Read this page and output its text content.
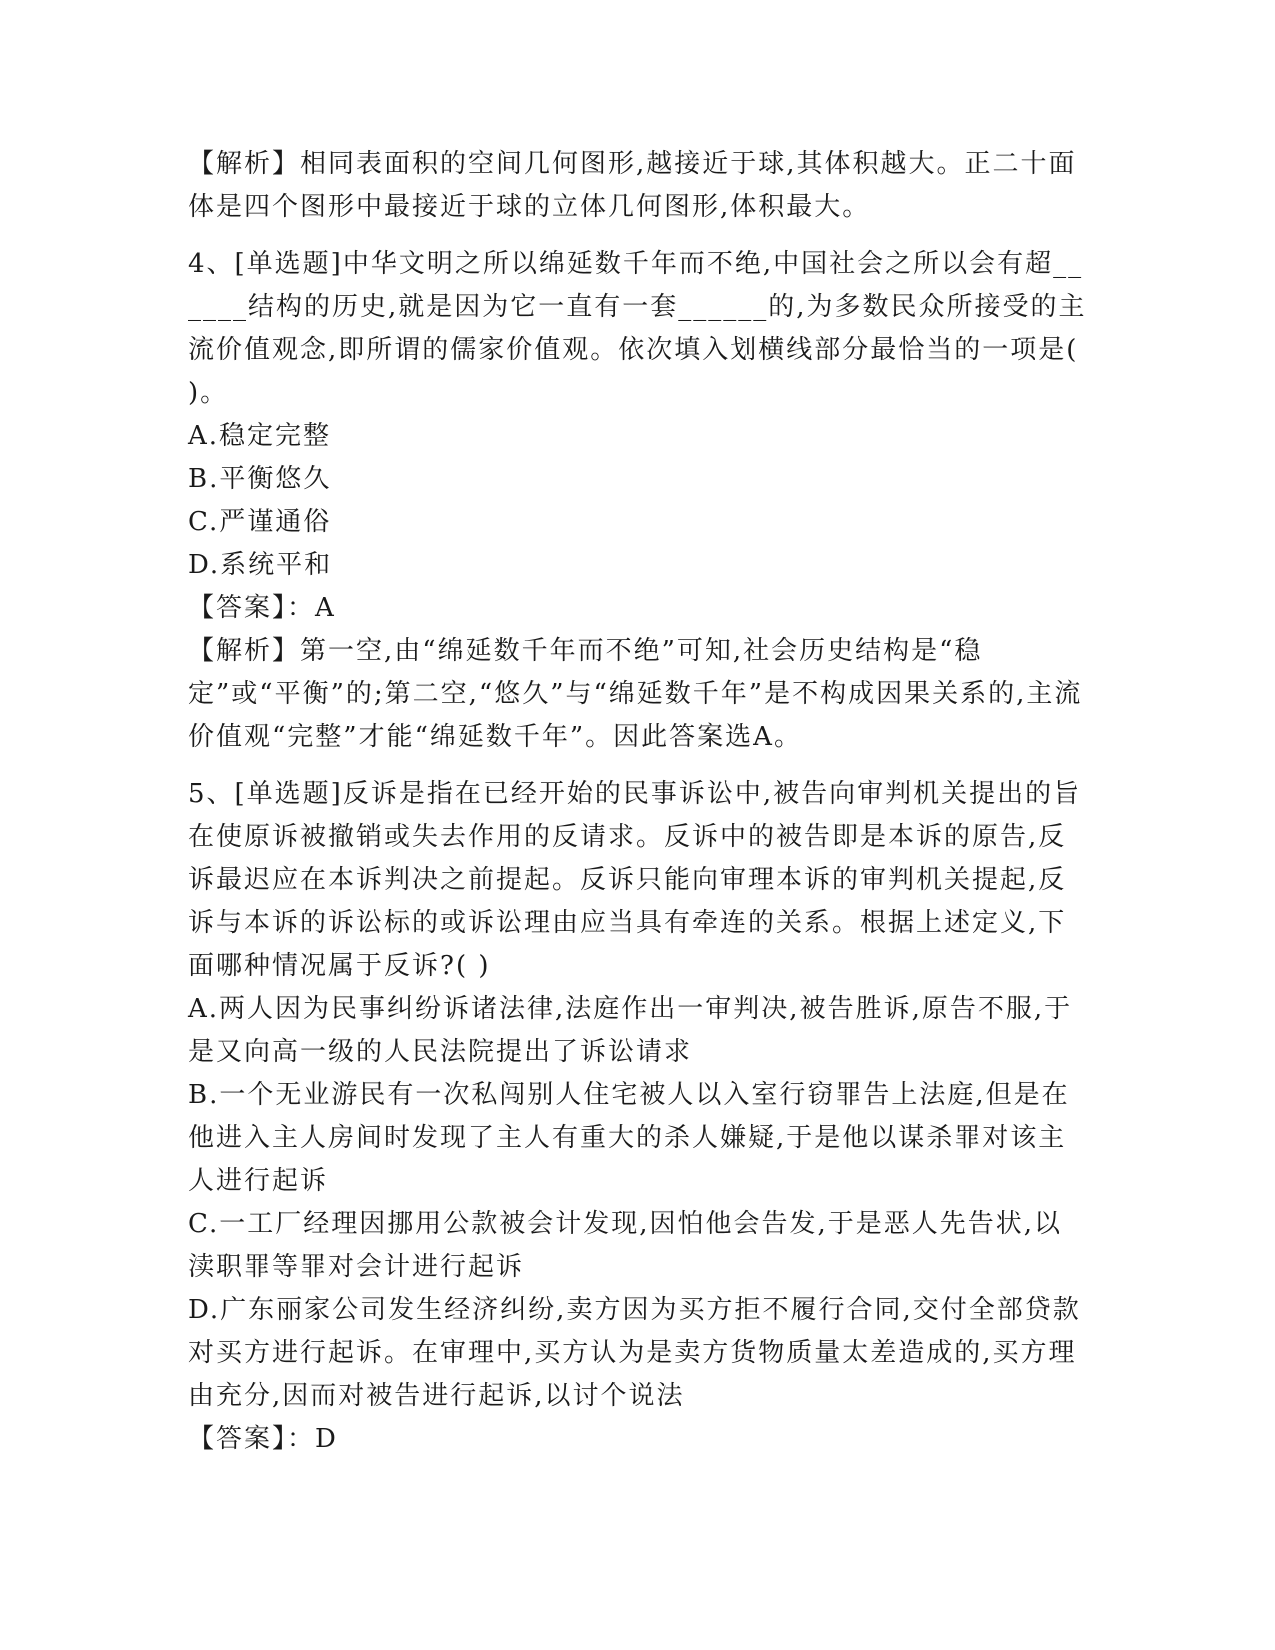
【解析】相同表面积的空间几何图形,越接近于球,其体积越大。正二十面体是四个图形中最接近于球的立体几何图形,体积最大。

4、[单选题]中华文明之所以绵延数千年而不绝,中国社会之所以会有超______结构的历史,就是因为它一直有一套______的,为多数民众所接受的主流价值观念,即所谓的儒家价值观。依次填入划横线部分最恰当的一项是( )。

A.稳定完整

B.平衡悠久

C.严谨通俗

D.系统平和

【答案】：A

【解析】第一空,由“绵延数千年而不绝”可知,社会历史结构是“稳定”或“平衡”的;第二空,“悠久”与“绵延数千年”是不构成因果关系的,主流价值观“完整”才能“绵延数千年”。因此答案选A。

5、[单选题]反诉是指在已经开始的民事诉讼中,被告向审判机关提出的旨在使原诉被撤销或失去作用的反请求。反诉中的被告即是本诉的原告,反诉最迟应在本诉判决之前提起。反诉只能向审理本诉的审判机关提起,反诉与本诉的诉讼标的或诉讼理由应当具有牵连的关系。根据上述定义,下面哪种情况属于反诉?( )

A.两人因为民事纠纷诉诸法律,法庭作出一审判决,被告胜诉,原告不服,于是又向高一级的人民法院提出了诉讼请求

B.一个无业游民有一次私闯别人住宅被人以入室行窃罪告上法庭,但是在他进入主人房间时发现了主人有重大的杀人嫌疑,于是他以谋杀罪对该主人进行起诉

C.一工厂经理因挪用公款被会计发现,因怕他会告发,于是恶人先告状,以渎职罪等罪对会计进行起诉

D.广东丽家公司发生经济纠纷,卖方因为买方拒不履行合同,交付全部贷款对买方进行起诉。在审理中,买方认为是卖方货物质量太差造成的,买方理由充分,因而对被告进行起诉,以讨个说法

【答案】：D
